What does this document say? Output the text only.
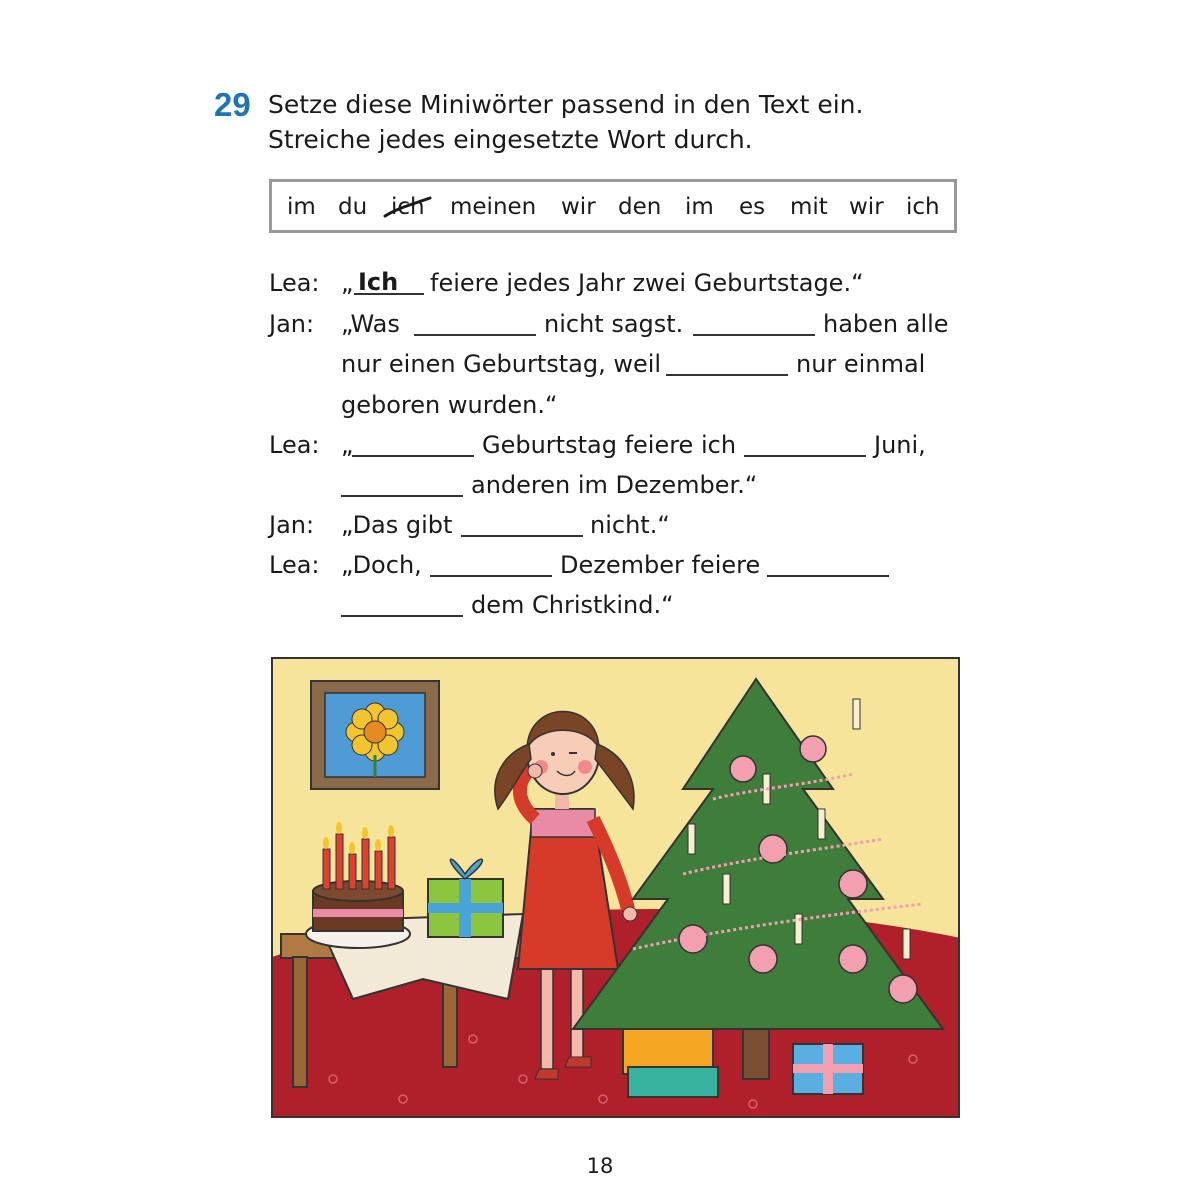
29 Setze diese Miniwörter passend in den Text ein.
Streiche jedes eingesetzte Wort durch.
im du ich meinen wir den im es mit wir ich
Lea: „ Ich feiere jedes Jahr zwei Geburtstage.“
Jan: „Was	nicht sagst.	haben alle
nur einen Geburtstag, weil	nur einmal
geboren wurden.“
Lea: „	Geburtstag feiere ich	Juni,
anderen im Dezember.“
Jan: „Das gibt	nicht.“
Lea: „Doch,	Dezember feiere
dem Christkind.“
18
